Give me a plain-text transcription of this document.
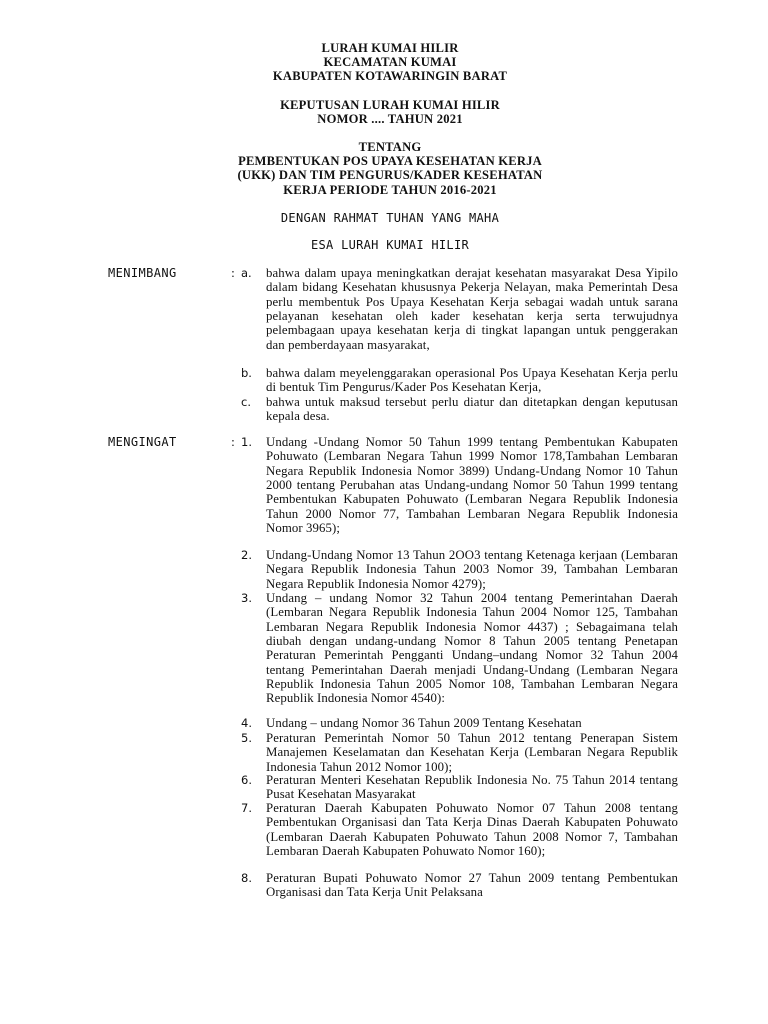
LURAH KUMAI HILIR
KECAMATAN KUMAI
KABUPATEN KOTAWARINGIN BARAT
KEPUTUSAN LURAH KUMAI HILIR
NOMOR .... TAHUN 2021
TENTANG
PEMBENTUKAN POS UPAYA KESEHATAN KERJA
(UKK) DAN TIM PENGURUS/KADER KESEHATAN
KERJA PERIODE TAHUN 2016-2021
DENGAN RAHMAT TUHAN YANG MAHA
ESA LURAH KUMAI HILIR
MENIMBANG	: a.	bahwa dalam upaya meningkatkan derajat kesehatan masyarakat Desa Yipilo dalam bidang Kesehatan khususnya Pekerja Nelayan, maka Pemerintah Desa perlu membentuk Pos Upaya Kesehatan Kerja sebagai wadah untuk sarana pelayanan kesehatan oleh kader kesehatan kerja serta terwujudnya pelembagaan upaya kesehatan kerja di tingkat lapangan untuk penggerakan dan pemberdayaan masyarakat,
b.	bahwa dalam meyelenggarakan operasional Pos Upaya Kesehatan Kerja perlu di bentuk Tim Pengurus/Kader Pos Kesehatan Kerja,
c.	bahwa untuk maksud tersebut perlu diatur dan ditetapkan dengan keputusan kepala desa.
MENGINGAT	: 1.	Undang -Undang Nomor 50 Tahun 1999 tentang Pembentukan Kabupaten Pohuwato (Lembaran Negara Tahun 1999 Nomor 178,Tambahan Lembaran Negara Republik Indonesia Nomor 3899) Undang-Undang Nomor 10 Tahun 2000 tentang Perubahan atas Undang-undang Nomor 50 Tahun 1999 tentang Pembentukan Kabupaten Pohuwato (Lembaran Negara Republik Indonesia Tahun 2000 Nomor 77, Tambahan Lembaran Negara Republik Indonesia Nomor 3965);
2.	Undang-Undang Nomor 13 Tahun 2OO3 tentang Ketenaga kerjaan (Lembaran Negara Republik Indonesia Tahun 2003 Nomor 39, Tambahan Lembaran Negara Republik Indonesia Nomor 4279);
3.	Undang – undang Nomor 32 Tahun 2004 tentang Pemerintahan Daerah (Lembaran Negara Republik Indonesia Tahun 2004 Nomor 125, Tambahan Lembaran Negara Republik Indonesia Nomor 4437) ; Sebagaimana telah diubah dengan undang-undang Nomor 8 Tahun 2005 tentang Penetapan Peraturan Pemerintah Pengganti Undang–undang Nomor 32 Tahun 2004 tentang Pemerintahan Daerah menjadi Undang-Undang (Lembaran Negara Republik Indonesia Tahun 2005 Nomor 108, Tambahan Lembaran Negara Republik Indonesia Nomor 4540):
4.	Undang – undang Nomor 36 Tahun 2009 Tentang Kesehatan
5.	Peraturan Pemerintah Nomor 50 Tahun 2012 tentang Penerapan Sistem Manajemen Keselamatan dan Kesehatan Kerja (Lembaran Negara Republik Indonesia Tahun 2012 Nomor 100);
6.	Peraturan Menteri Kesehatan Republik Indonesia No. 75 Tahun 2014 tentang Pusat Kesehatan Masyarakat
7.	Peraturan Daerah Kabupaten Pohuwato Nomor 07 Tahun 2008 tentang Pembentukan Organisasi dan Tata Kerja Dinas Daerah Kabupaten Pohuwato (Lembaran Daerah Kabupaten Pohuwato Tahun 2008 Nomor 7, Tambahan Lembaran Daerah Kabupaten Pohuwato Nomor 160);
8.	Peraturan Bupati Pohuwato Nomor 27 Tahun 2009 tentang Pembentukan Organisasi dan Tata Kerja Unit Pelaksana
